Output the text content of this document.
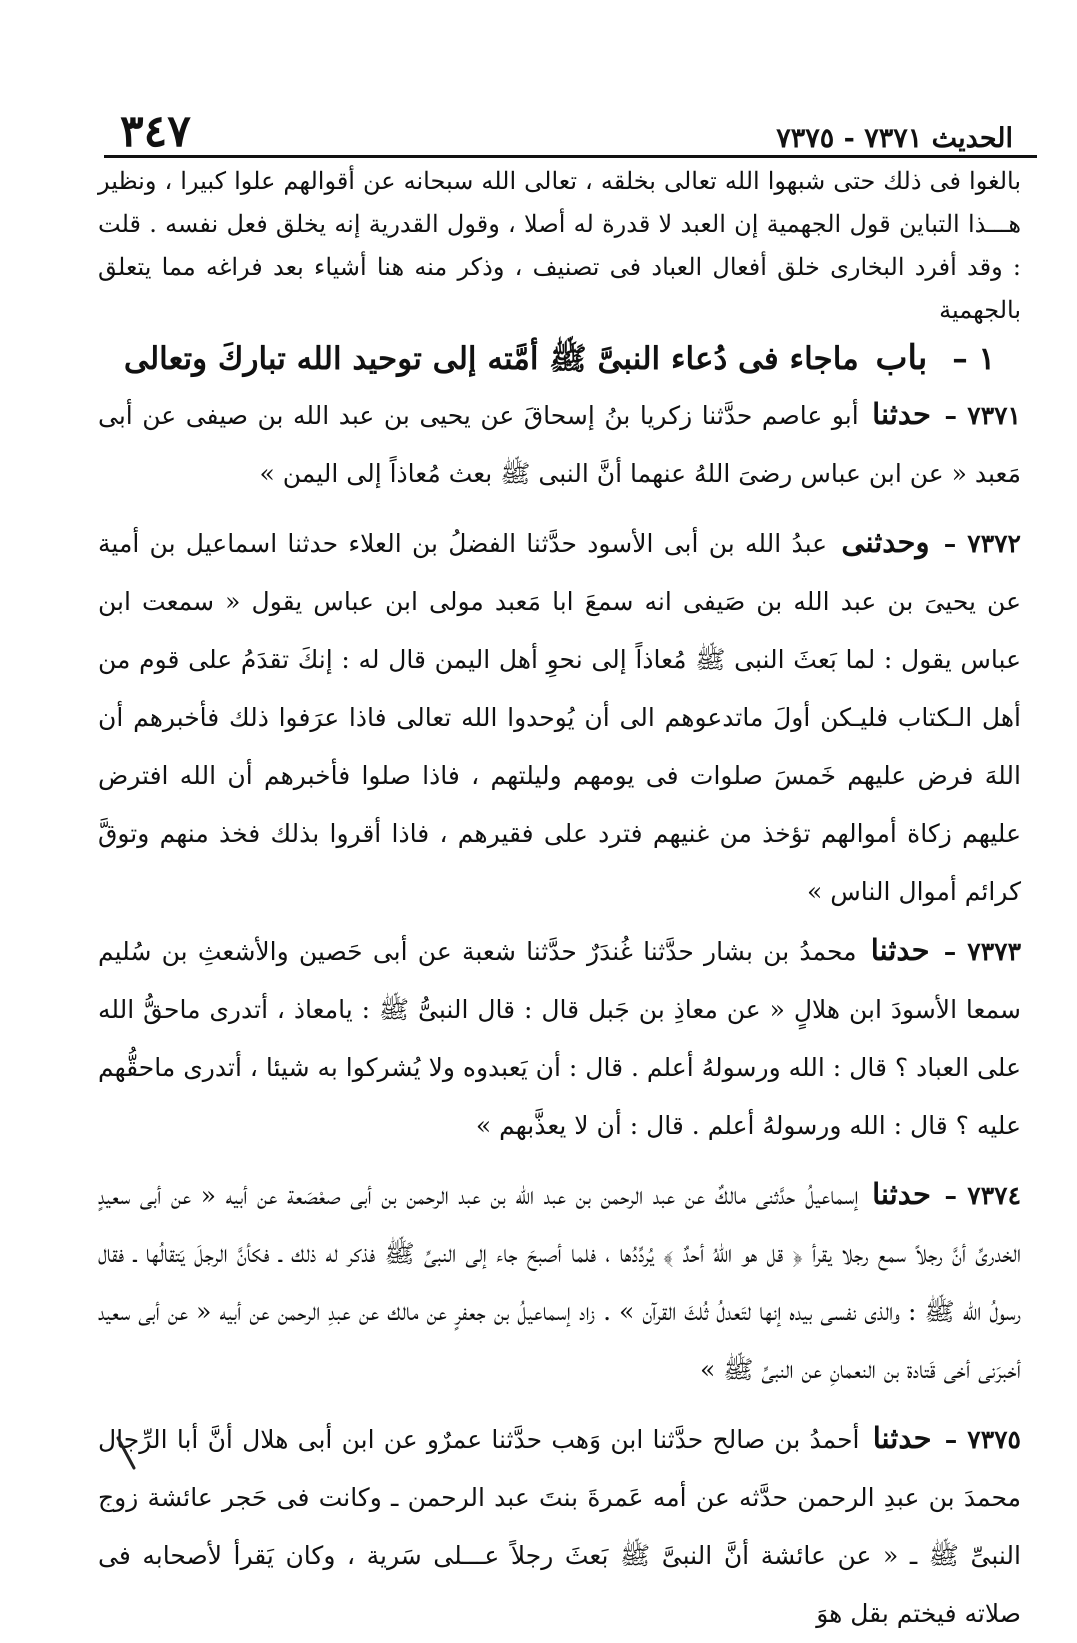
الحديث ٧٣٧١ - ٧٣٧٥
٣٤٧

بالغوا فى ذلك حتى شبهوا الله تعالى بخلقه ، تعالى الله سبحانه عن أقوالهم علوا كبيرا ، ونظير هـــذا التباين قول الجهمية إن العبد لا قدرة له أصلا ، وقول القدرية إنه يخلق فعل نفسه . قلت : وقد أفرد البخارى خلق أفعال العباد فى تصنيف ، وذكر منه هنا أشياء بعد فراغه مما يتعلق بالجهمية

١ – باب ماجاء فى دُعاء النبىَّ ﷺ أمَّته إلى توحيد الله تباركَ وتعالى

٧٣٧١ – حدثنا أبو عاصم حدَّثنا زكريا بنُ إسحاقَ عن يحيى بن عبد الله بن صيفى عن أبى مَعبد « عن ابن عباس رضىَ اللهُ عنهما أنَّ النبى ﷺ بعث مُعاذاً إلى اليمن »

٧٣٧٢ – وحدثنى عبدُ الله بن أبى الأسود حدَّثنا الفضلُ بن العلاء حدثنا اسماعيل بن أمية عن يحيىَ بن عبد الله بن صَيفى انه سمعَ ابا مَعبد مولى ابن عباس يقول « سمعت ابن عباس يقول : لما بَعثَ النبى ﷺ مُعاذاً إلى نحوِ أهل اليمن قال له : إنكَ تقدَمُ على قوم من أهل الـكتاب فليـكن أولَ ماتدعوهم الى أن يُوحدوا الله تعالى فاذا عرَفوا ذلك فأخبرهم أن اللهَ فرض عليهم خَمسَ صلوات فى يومهم وليلتهم ، فاذا صلوا فأخبرهم أن الله افترض عليهم زكاة أموالهم تؤخذ من غنيهم فترد على فقيرهم ، فاذا أقروا بذلك فخذ منهم وتوقَّ كرائم أموال الناس »

٧٣٧٣ – حدثنا محمدُ بن بشار حدَّثنا غُندَرٌ حدَّثنا شعبة عن أبى حَصين والأشعثِ بن سُليم سمعا الأسودَ ابن هلالٍ « عن معاذِ بن جَبل قال : قال النبىُّ ﷺ : يامعاذ ، أتدرى ماحقُّ الله على العباد ؟ قال : الله ورسولهُ أعلم . قال : أن يَعبدوه ولا يُشركوا به شيئا ، أتدرى ماحقُّهم عليه ؟ قال : الله ورسولهُ أعلم . قال : أن لا يعذَّبهم »

٧٣٧٤ – حدثنا إسماعيلُ حدَّثنى مالكٌ عن عبد الرحمن بن عبد الله بن عبد الرحمن بن أبى صعْصَعة عن أبيه « عن أبى سعيدٍ الخدرىِّ أنَّ رجلاً سمع رجلا يقرأ ﴿ قل هو اللهُ أحدٌ ﴾ يُردِّدُها ، فلما أصبحَ جاء إلى النبىِّ ﷺ فذكر له ذلك ـ فكأنَّ الرجلَ يَتقالُها ـ فقال رسولُ الله ﷺ : والذى نفسى بيده إنها لتَعدلُ ثُلثَ القرآن » . زاد إسماعيلُ بن جعفرٍ عن مالك عن عبدِ الرحمن عن أبيه « عن أبى سعيد أخبرَنى أخى قَتادة بن النعمانِ عن النبىِّ ﷺ »

٧٣٧٥ – حدثنا أحمدُ بن صالح حدَّثنا ابن وَهب حدَّثنا عمرٌو عن ابن أبى هلال أنَّ أبا الرِّجال محمدَ بن عبدِ الرحمن حدَّثه عن أمه عَمرةَ بنتَ عبد الرحمن ـ وكانت فى حَجر عائشة زوج النبىِّ ﷺ ـ « عن عائشة أنَّ النبىَّ ﷺ بَعثَ رجلاً عـــلى سَرية ، وكان يَقرأ لأصحابه فى صلاته فيختم بقل هوَ
